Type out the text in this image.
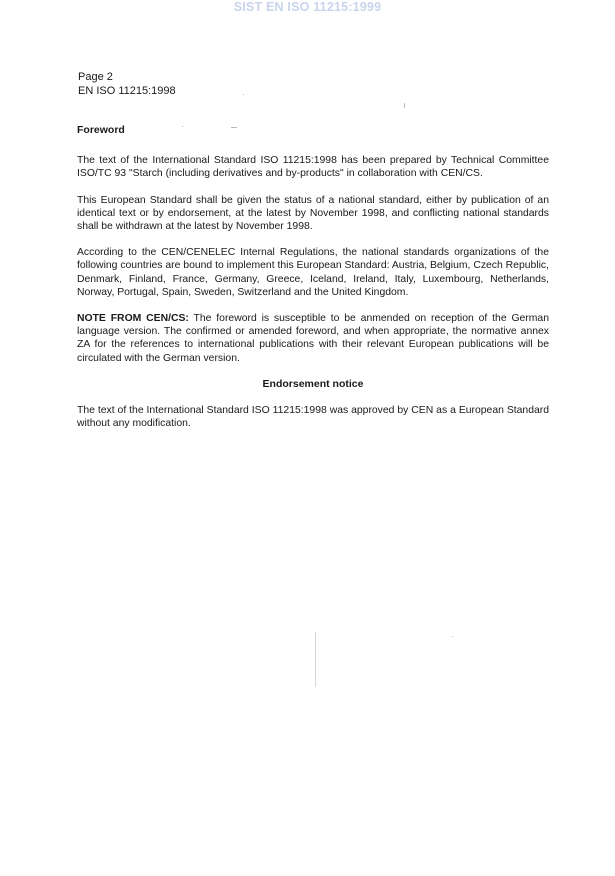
SIST EN ISO 11215:1999
Page 2
EN ISO 11215:1998
Foreword

The text of the International Standard ISO 11215:1998 has been prepared by Technical Committee ISO/TC 93 "Starch (including derivatives and by-products" in collaboration with CEN/CS.

This European Standard shall be given the status of a national standard, either by publication of an identical text or by endorsement, at the latest by November 1998, and conflicting national standards shall be withdrawn at the latest by November 1998.

According to the CEN/CENELEC Internal Regulations, the national standards organizations of the following countries are bound to implement this European Standard: Austria, Belgium, Czech Republic, Denmark, Finland, France, Germany, Greece, Iceland, Ireland, Italy, Luxembourg, Netherlands, Norway, Portugal, Spain, Sweden, Switzerland and the United Kingdom.

NOTE FROM CEN/CS: The foreword is susceptible to be anmended on reception of the German language version. The confirmed or amended foreword, and when appropriate, the normative annex ZA for the references to international publications with their relevant European publications will be circulated with the German version.

Endorsement notice

The text of the International Standard ISO 11215:1998 was approved by CEN as a European Standard without any modification.
